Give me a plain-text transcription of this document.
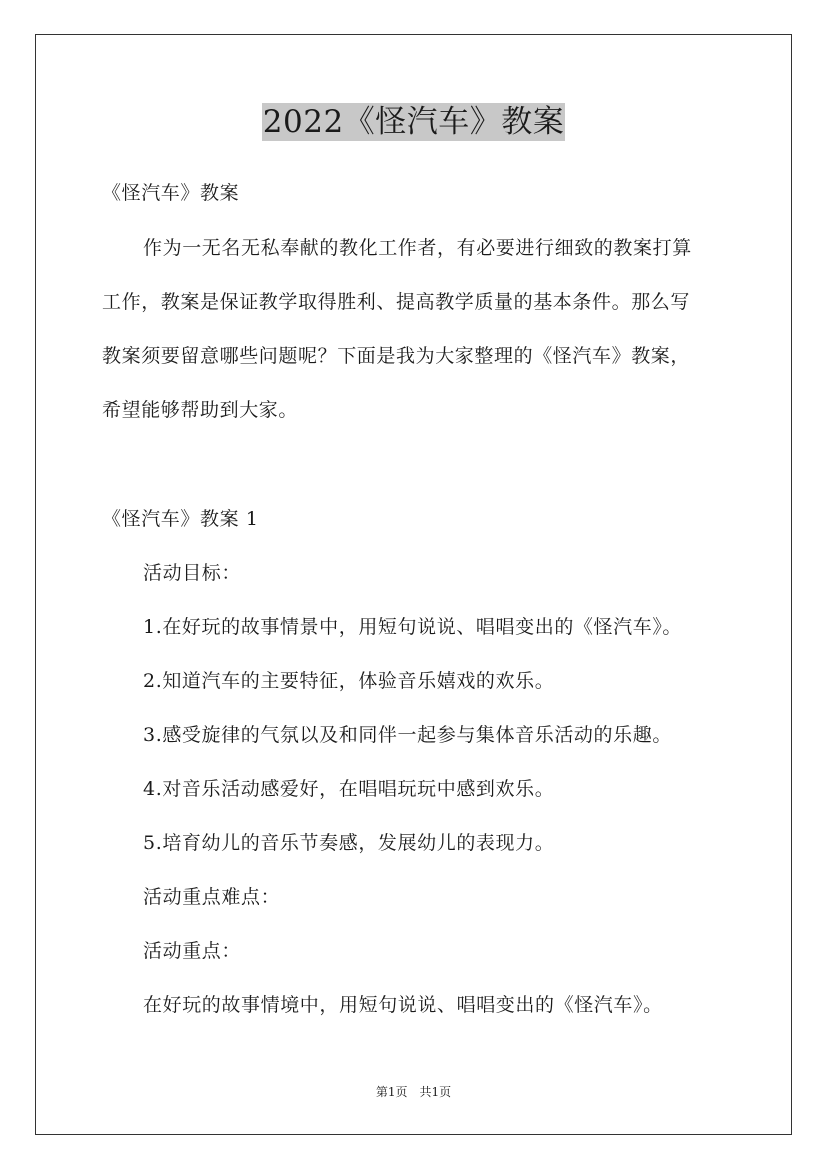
2022《怪汽车》教案
《怪汽车》教案
作为一无名无私奉献的教化工作者，有必要进行细致的教案打算
工作，教案是保证教学取得胜利、提高教学质量的基本条件。那么写
教案须要留意哪些问题呢？下面是我为大家整理的《怪汽车》教案，
希望能够帮助到大家。
《怪汽车》教案 1
活动目标：
1.在好玩的故事情景中，用短句说说、唱唱变出的《怪汽车》。
2.知道汽车的主要特征，体验音乐嬉戏的欢乐。
3.感受旋律的气氛以及和同伴一起参与集体音乐活动的乐趣。
4.对音乐活动感爱好，在唱唱玩玩中感到欢乐。
5.培育幼儿的音乐节奏感，发展幼儿的表现力。
活动重点难点：
活动重点：
在好玩的故事情境中，用短句说说、唱唱变出的《怪汽车》。
第1页　共1页
